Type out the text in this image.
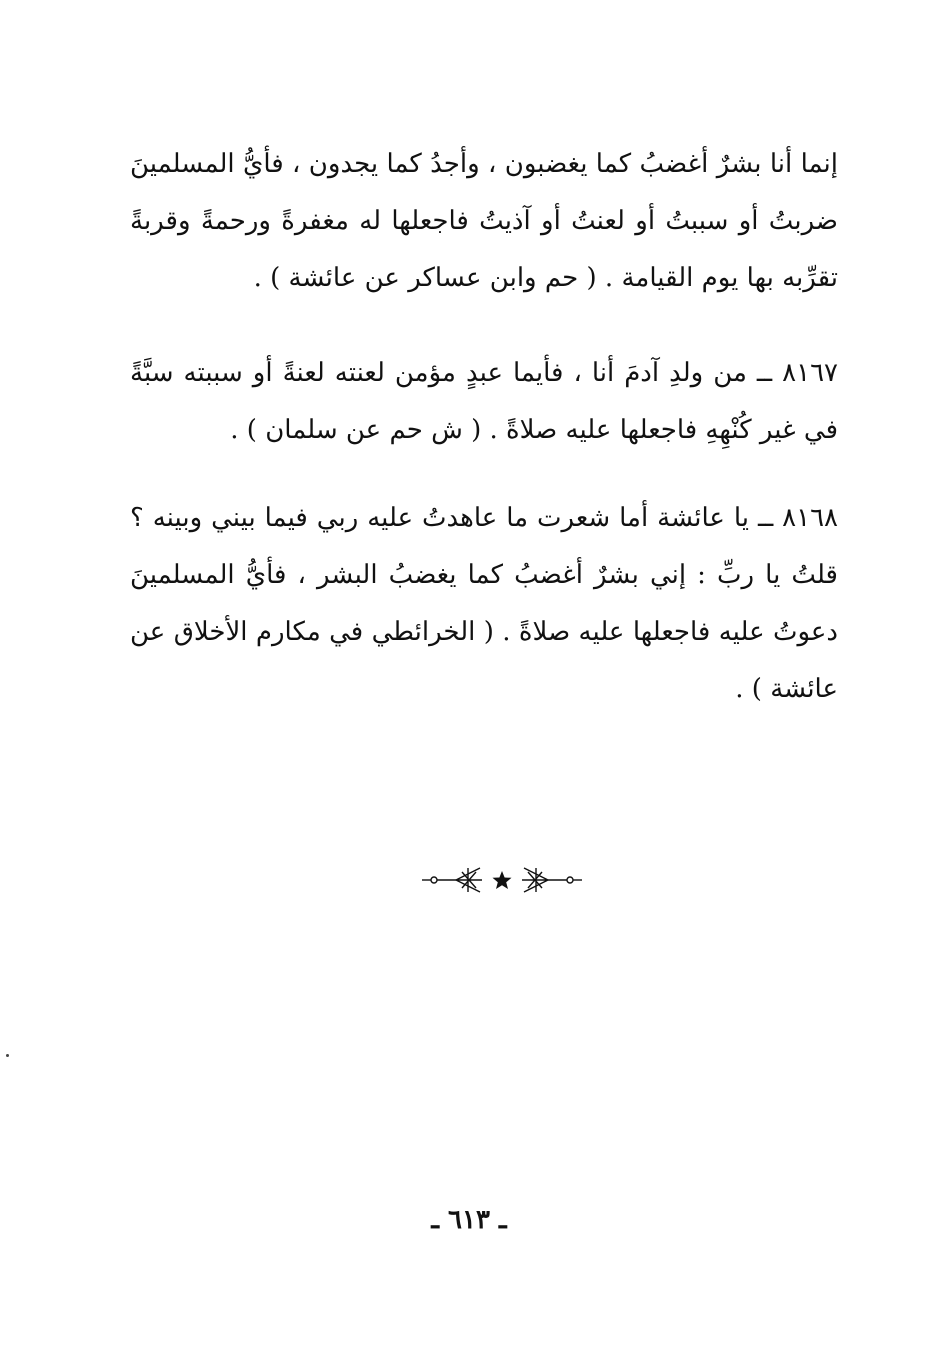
إنما أنا بشرٌ أغضبُ كما يغضبون ، وأجدُ كما يجدون ، فأيُّ المسلمينَ ضربتُ أو سببتُ أو لعنتُ أو آذيتُ فاجعلها له مغفرةً ورحمةً وقربةً تقرِّبه بها يوم القيامة . ( حم وابن عساكر عن عائشة ) .

٨١٦٧ ــ من ولدِ آدمَ أنا ، فأيما عبدٍ مؤمن لعنته لعنةً أو سببته سبَّةً في غير كُنْهِهِ فاجعلها عليه صلاةً . ( ش حم عن سلمان ) .

٨١٦٨ ــ يا عائشة أما شعرت ما عاهدتُ عليه ربي فيما بيني وبينه ؟ قلتُ يا ربِّ : إني بشرٌ أغضبُ كما يغضبُ البشر ، فأيُّ المسلمينَ دعوتُ عليه فاجعلها عليه صلاةً . ( الخرائطي في مكارم الأخلاق عن عائشة ) .

ـ ٦١٣ ـ
